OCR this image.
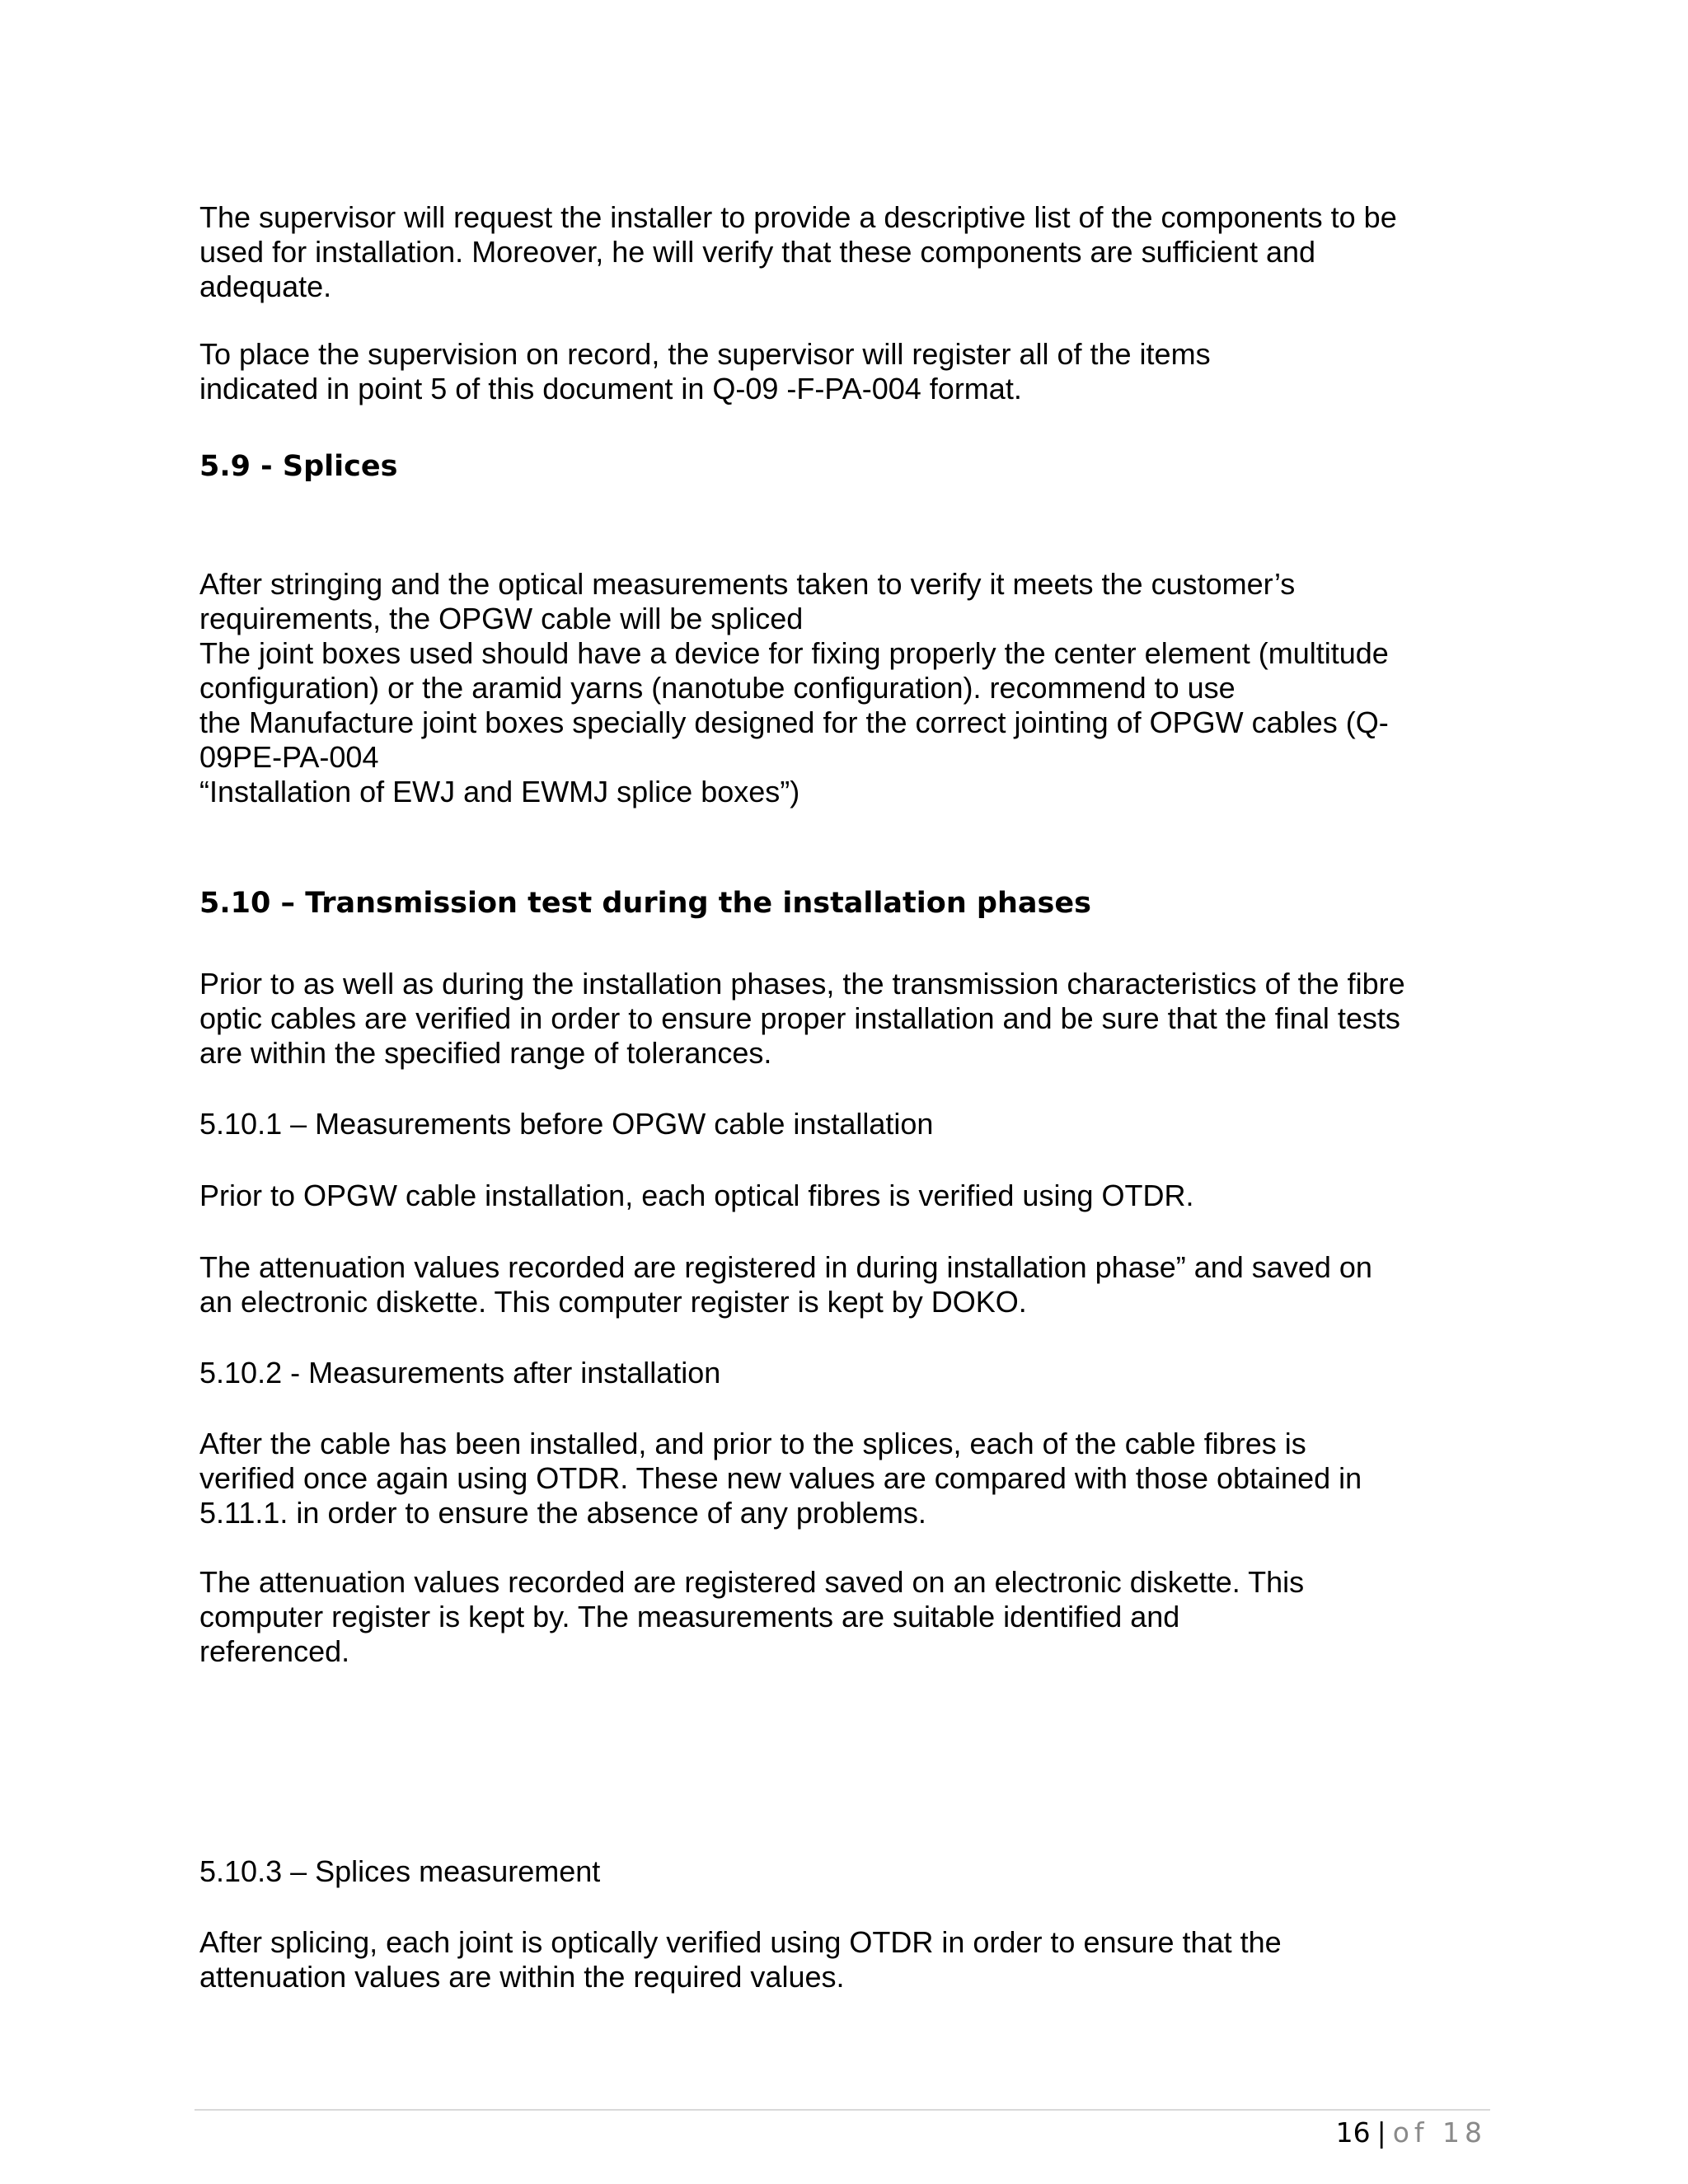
The supervisor will request the installer to provide a descriptive list of the components to be
used for installation. Moreover, he will verify that these components are sufficient and
adequate.
To place the supervision on record, the supervisor will register all of the items
indicated in point 5 of this document in Q-09 -F-PA-004 format.
5.9 - Splices
After stringing and the optical measurements taken to verify it meets the customer’s
requirements, the OPGW cable will be spliced
The joint boxes used should have a device for fixing properly the center element (multitude
configuration) or the aramid yarns (nanotube configuration). recommend to use
the Manufacture joint boxes specially designed for the correct jointing of OPGW cables (Q-
09PE-PA-004
“Installation of EWJ and EWMJ splice boxes”)
5.10 – Transmission test during the installation phases
Prior to as well as during the installation phases, the transmission characteristics of the fibre
optic cables are verified in order to ensure proper installation and be sure that the final tests
are within the specified range of tolerances.
5.10.1 – Measurements before OPGW cable installation
Prior to OPGW cable installation, each optical fibres is verified using OTDR.
The attenuation values recorded are registered in during installation phase” and saved on
an electronic diskette. This computer register is kept by DOKO.
5.10.2 - Measurements after installation
After the cable has been installed, and prior to the splices, each of the cable fibres is
verified once again using OTDR. These new values are compared with those obtained in
5.11.1. in order to ensure the absence of any problems.
The attenuation values recorded are registered saved on an electronic diskette. This
computer register is kept by. The measurements are suitable identified and
referenced.
5.10.3 – Splices measurement
After splicing, each joint is optically verified using OTDR in order to ensure that the
attenuation values are within the required values.
16 | of 18
